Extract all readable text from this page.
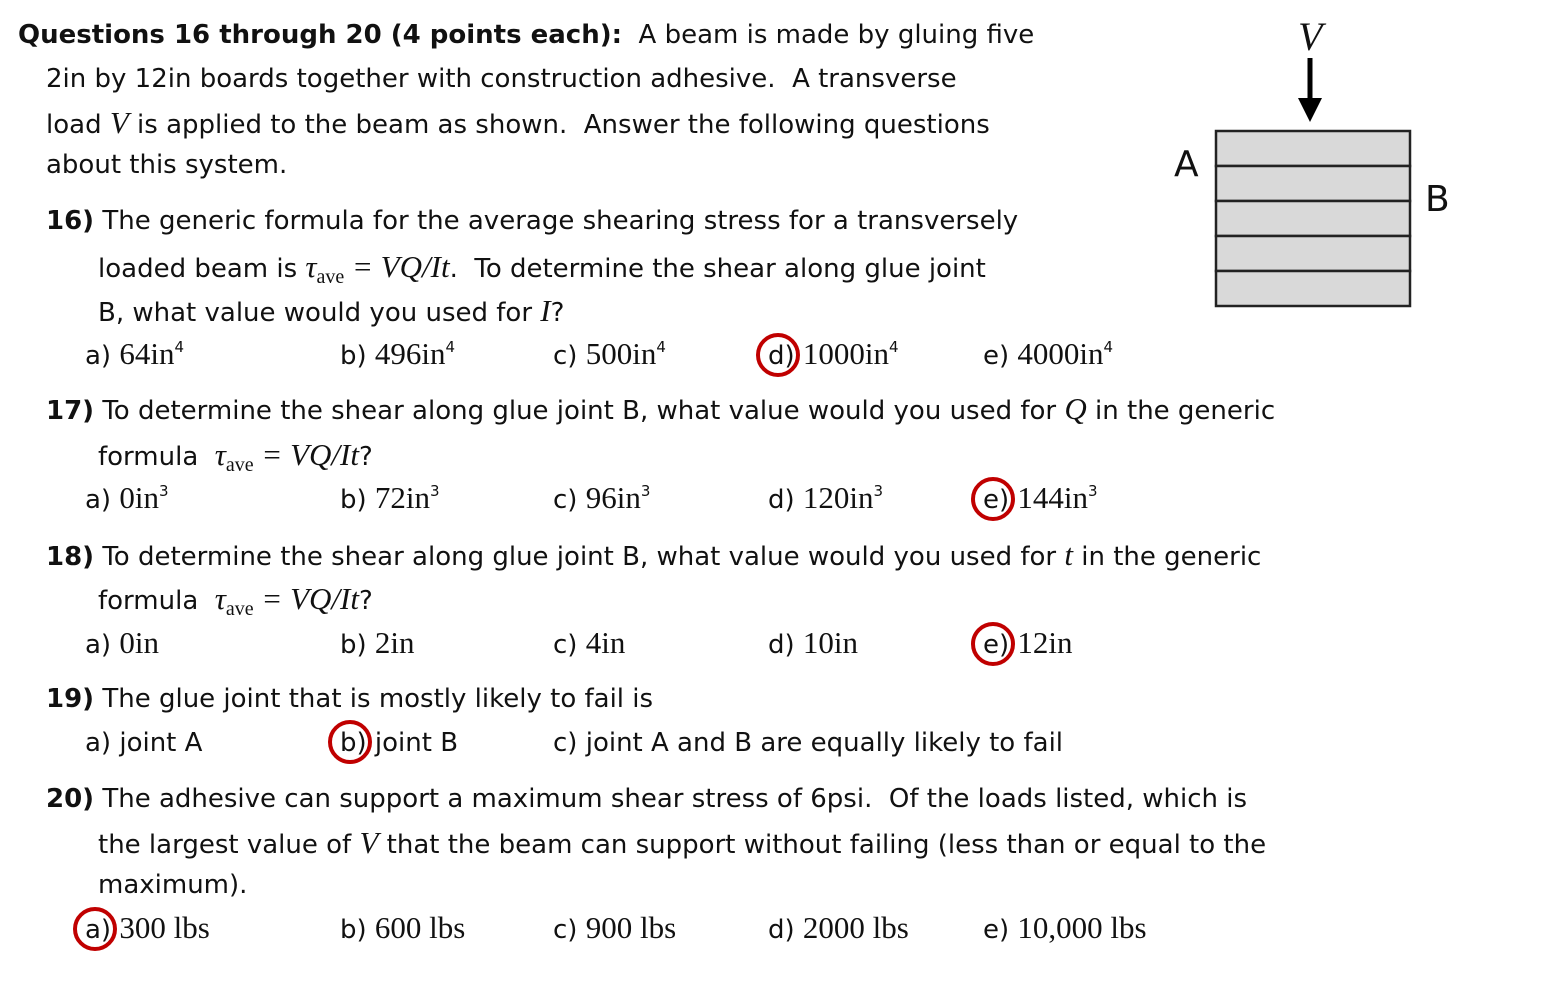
Questions 16 through 20 (4 points each):  A beam is made by gluing five
2in by 12in boards together with construction adhesive.  A transverse
load V is applied to the beam as shown.  Answer the following questions
about this system.
16) The generic formula for the average shearing stress for a transversely
loaded beam is $\tau_{ave} = VQ/It$.  To determine the shear along glue joint
B, what value would you used for I?
a) $64in^4$	b) $496in^4$	c) $500in^4$	d) $1000in^4$	e) $4000in^4$
17) To determine the shear along glue joint B, what value would you used for Q in the generic
formula  $\tau_{ave} = VQ/It$?
a) $0in^3$	b) $72in^3$	c) $96in^3$	d) $120in^3$	e) $144in^3$
18) To determine the shear along glue joint B, what value would you used for t in the generic
formula  $\tau_{ave} = VQ/It$?
a) 0in	b) 2in	c) 4in	d) 10in	e) 12in
19) The glue joint that is mostly likely to fail is
a) joint A	b) joint B	c) joint A and B are equally likely to fail
20) The adhesive can support a maximum shear stress of 6psi.  Of the loads listed, which is
the largest value of V that the beam can support without failing (less than or equal to the
maximum).
a) 300 lbs	b) 600 lbs	c) 900 lbs	d) 2000 lbs	e) 10,000 lbs
V
A
B
